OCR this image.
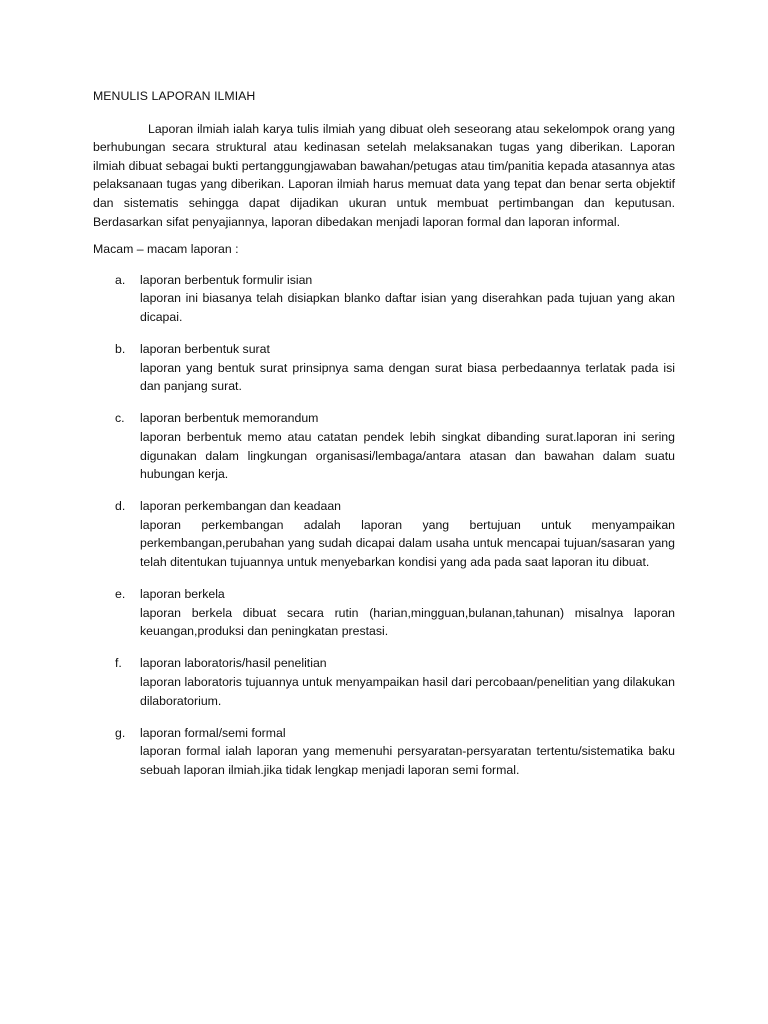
MENULIS LAPORAN ILMIAH

Laporan ilmiah ialah karya tulis ilmiah yang dibuat oleh seseorang atau sekelompok orang yang berhubungan secara struktural atau kedinasan setelah melaksanakan tugas yang diberikan. Laporan ilmiah dibuat sebagai bukti pertanggungjawaban bawahan/petugas atau tim/panitia kepada atasannya atas pelaksanaan tugas yang diberikan. Laporan ilmiah harus memuat data yang tepat dan benar serta objektif dan sistematis sehingga dapat dijadikan ukuran untuk membuat pertimbangan dan keputusan. Berdasarkan sifat penyajiannya, laporan dibedakan menjadi laporan formal dan laporan informal.

Macam – macam laporan :

a. laporan berbentuk formulir isian
laporan ini biasanya telah disiapkan blanko daftar isian yang diserahkan pada tujuan yang akan dicapai.
b. laporan berbentuk surat
laporan yang bentuk surat prinsipnya sama dengan surat biasa perbedaannya terlatak pada isi dan panjang surat.
c. laporan berbentuk memorandum
laporan berbentuk memo atau catatan pendek lebih singkat dibanding surat.laporan ini sering digunakan dalam lingkungan organisasi/lembaga/antara atasan dan bawahan dalam suatu hubungan kerja.
d. laporan perkembangan dan keadaan
laporan perkembangan adalah laporan yang bertujuan untuk menyampaikan perkembangan,perubahan yang sudah dicapai dalam usaha untuk mencapai tujuan/sasaran yang telah ditentukan tujuannya untuk menyebarkan kondisi yang ada pada saat laporan itu dibuat.
e. laporan berkela
laporan berkela dibuat secara rutin (harian,mingguan,bulanan,tahunan) misalnya laporan keuangan,produksi dan peningkatan prestasi.
f. laporan laboratoris/hasil penelitian
laporan laboratoris tujuannya untuk menyampaikan hasil dari percobaan/penelitian yang dilakukan dilaboratorium.
g. laporan formal/semi formal
laporan formal ialah laporan yang memenuhi persyaratan-persyaratan tertentu/sistematika baku sebuah laporan ilmiah.jika tidak lengkap menjadi laporan semi formal.
